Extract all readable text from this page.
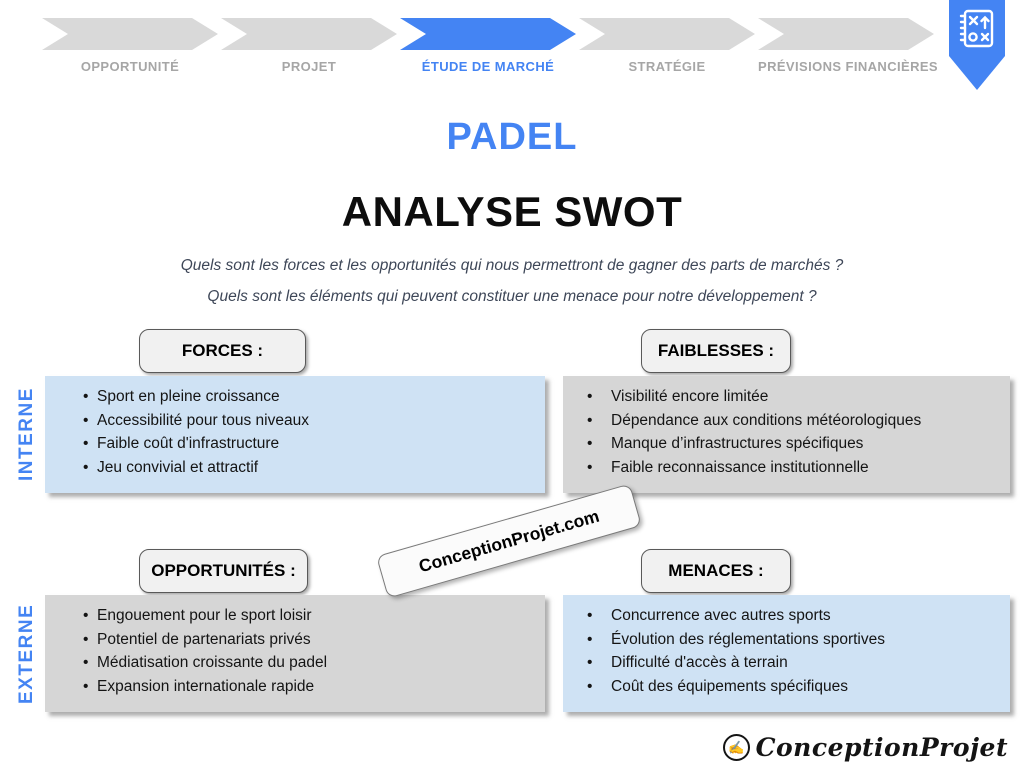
OPPORTUNITÉ	PROJET	ÉTUDE DE MARCHÉ	STRATÉGIE	PRÉVISIONS FINANCIÈRES
PADEL
ANALYSE SWOT
Quels sont les forces et les opportunités qui nous permettront de gagner des parts de marchés ?
Quels sont les éléments qui peuvent constituer une menace pour notre développement ?
INTERNE
EXTERNE
FORCES :	FAIBLESSES :
OPPORTUNITÉS :	MENACES :
• Sport en pleine croissance
• Accessibilité pour tous niveaux
• Faible coût d'infrastructure
• Jeu convivial et attractif
• Visibilité encore limitée
• Dépendance aux conditions météorologiques
• Manque d’infrastructures spécifiques
• Faible reconnaissance institutionnelle
• Engouement pour le sport loisir
• Potentiel de partenariats privés
• Médiatisation croissante du padel
• Expansion internationale rapide
• Concurrence avec autres sports
• Évolution des réglementations sportives
• Difficulté d'accès à terrain
• Coût des équipements spécifiques
ConceptionProjet.com
✍ ConceptionProjet
